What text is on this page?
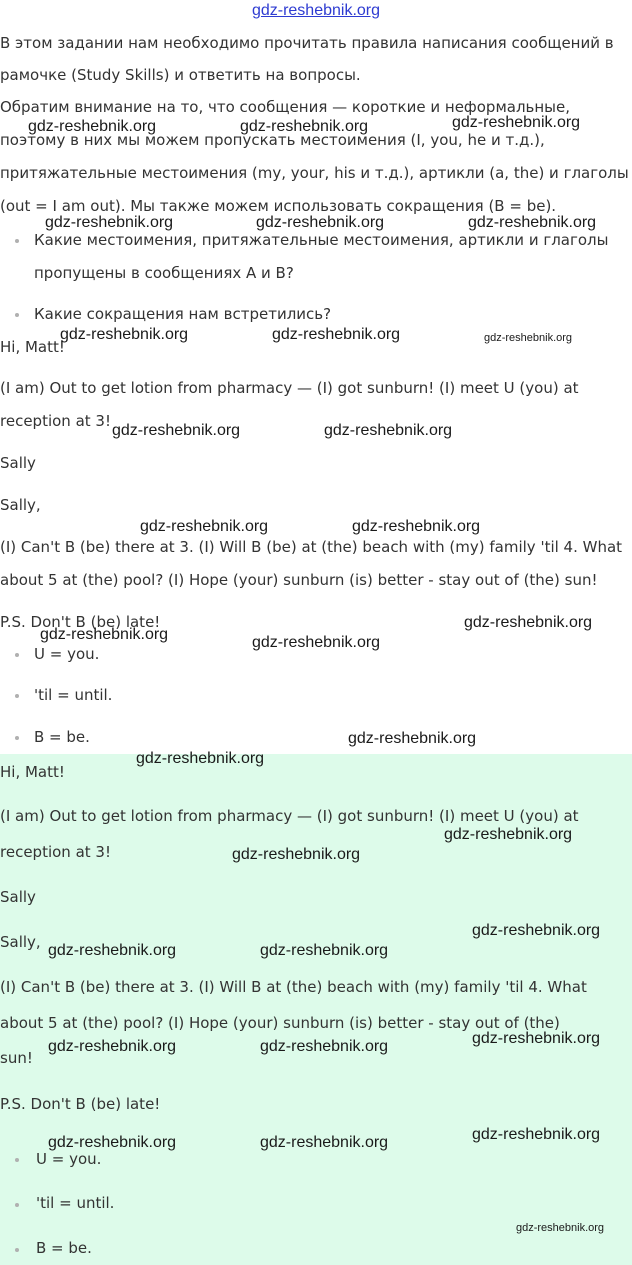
gdz-reshebnik.org
В этом задании нам необходимо прочитать правила написания сообщений в
рамочке (Study Skills) и ответить на вопросы.
Обратим внимание на то, что сообщения — короткие и неформальные,
поэтому в них мы можем пропускать местоимения (I, you, he и т.д.),
притяжательные местоимения (my, your, his и т.д.), артикли (a, the) и глаголы
(out = I am out). Мы также можем использовать сокращения (B = be).
Какие местоимения, притяжательные местоимения, артикли и глаголы
пропущены в сообщениях А и В?
Какие сокращения нам встретились?
Hi, Matt!
(I am) Out to get lotion from pharmacy — (I) got sunburn! (I) meet U (you) at
reception at 3!
Sally
Sally,
(I) Can't B (be) there at 3. (I) Will B (be) at (the) beach with (my) family 'til 4. What
about 5 at (the) pool? (I) Hope (your) sunburn (is) better - stay out of (the) sun!
P.S. Don't B (be) late!
U = you.
'til = until.
B = be.
Hi, Matt!
(I am) Out to get lotion from pharmacy — (I) got sunburn! (I) meet U (you) at
reception at 3!
Sally
Sally,
(I) Can't B (be) there at 3. (I) Will B at (the) beach with (my) family 'til 4. What
about 5 at (the) pool? (I) Hope (your) sunburn (is) better - stay out of (the)
sun!
P.S. Don't B (be) late!
U = you.
'til = until.
B = be.
gdz-reshebnik.org	gdz-reshebnik.org	gdz-reshebnik.org
gdz-reshebnik.org	gdz-reshebnik.org	gdz-reshebnik.org
gdz-reshebnik.org	gdz-reshebnik.org	gdz-reshebnik.org
gdz-reshebnik.org	gdz-reshebnik.org
gdz-reshebnik.org	gdz-reshebnik.org
gdz-reshebnik.org	gdz-reshebnik.org
gdz-reshebnik.org
gdz-reshebnik.org
gdz-reshebnik.org
gdz-reshebnik.org
gdz-reshebnik.org
gdz-reshebnik.org
gdz-reshebnik.org	gdz-reshebnik.org
gdz-reshebnik.org	gdz-reshebnik.org	gdz-reshebnik.org
gdz-reshebnik.org	gdz-reshebnik.org	gdz-reshebnik.org
gdz-reshebnik.org
